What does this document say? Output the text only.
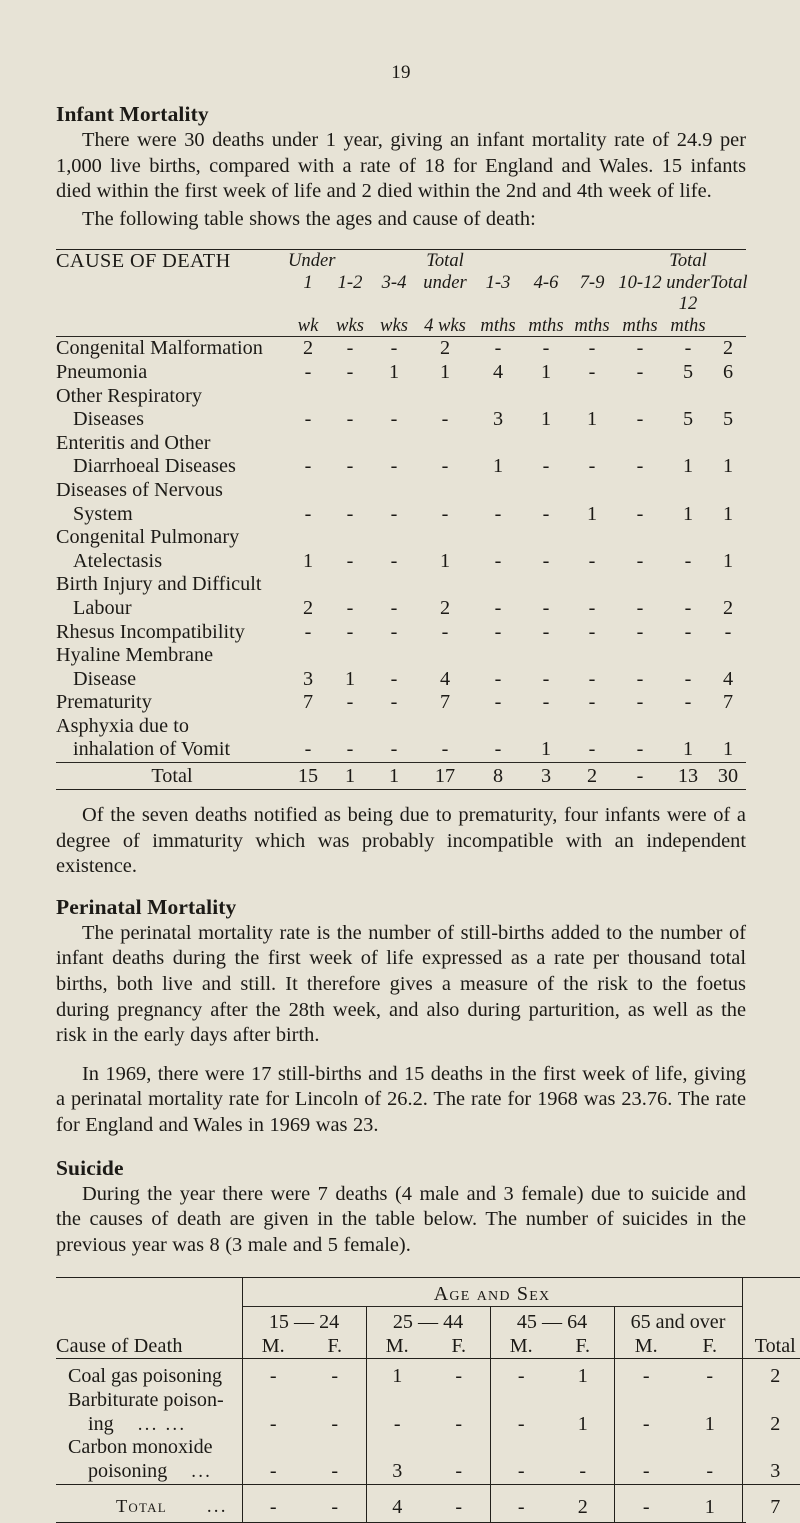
19
Infant Mortality

There were 30 deaths under 1 year, giving an infant mortality rate of 24.9 per 1,000 live births, compared with a rate of 18 for England and Wales. 15 infants died within the first week of life and 2 died within the 2nd and 4th week of life.

The following table shows the ages and cause of death:

CAUSE OF DEATH	Under			Total					Total	
	1	1-2	3-4	under	1-3	4-6	7-9	10-12	under	Total
	wk	wks	wks	4 wks	mths	mths	mths	mths	12 mths	
Congenital Malformation	2	-	-	2	-	-	-	-	-	2
Pneumonia	-	-	1	1	4	1	-	-	5	6
Other Respiratory										
Diseases	-	-	-	-	3	1	1	-	5	5
Enteritis and Other										
Diarrhoeal Diseases	-	-	-	-	1	-	-	-	1	1
Diseases of Nervous										
System	-	-	-	-	-	-	1	-	1	1
Congenital Pulmonary										
Atelectasis	1	-	-	1	-	-	-	-	-	1
Birth Injury and Difficult										
Labour	2	-	-	2	-	-	-	-	-	2
Rhesus Incompatibility	-	-	-	-	-	-	-	-	-	-
Hyaline Membrane										
Disease	3	1	-	4	-	-	-	-	-	4
Prematurity	7	-	-	7	-	-	-	-	-	7
Asphyxia due to										
inhalation of Vomit	-	-	-	-	-	1	-	-	1	1
Total	15	1	1	17	8	3	2	-	13	30

Of the seven deaths notified as being due to prematurity, four infants were of a degree of immaturity which was probably incompatible with an independent existence.

Perinatal Mortality

The perinatal mortality rate is the number of still-births added to the number of infant deaths during the first week of life expressed as a rate per thousand total births, both live and still. It therefore gives a measure of the risk to the foetus during pregnancy after the 28th week, and also during parturition, as well as the risk in the early days after birth.

In 1969, there were 17 still-births and 15 deaths in the first week of life, giving a perinatal mortality rate for Lincoln of 26.2. The rate for 1968 was 23.76. The rate for England and Wales in 1969 was 23.

Suicide

During the year there were 7 deaths (4 male and 3 female) due to suicide and the causes of death are given in the table below. The number of suicides in the previous year was 8 (3 male and 5 female).

	Age and Sex								

	15 — 24		25 — 44		45 — 64		65 and over		
Cause of Death	M.	F.	M.	F.	M.	F.	M.	F.	Total

Coal gas poisoning	-	-	1	-	-	1	-	-	2
Barbiturate poison-									
ing ... ...	-	-	-	-	-	1	-	1	2
Carbon monoxide									
poisoning ...	-	-	3	-	-	-	-	-	3

Total ...	-	-	4	-	-	2	-	1	7
